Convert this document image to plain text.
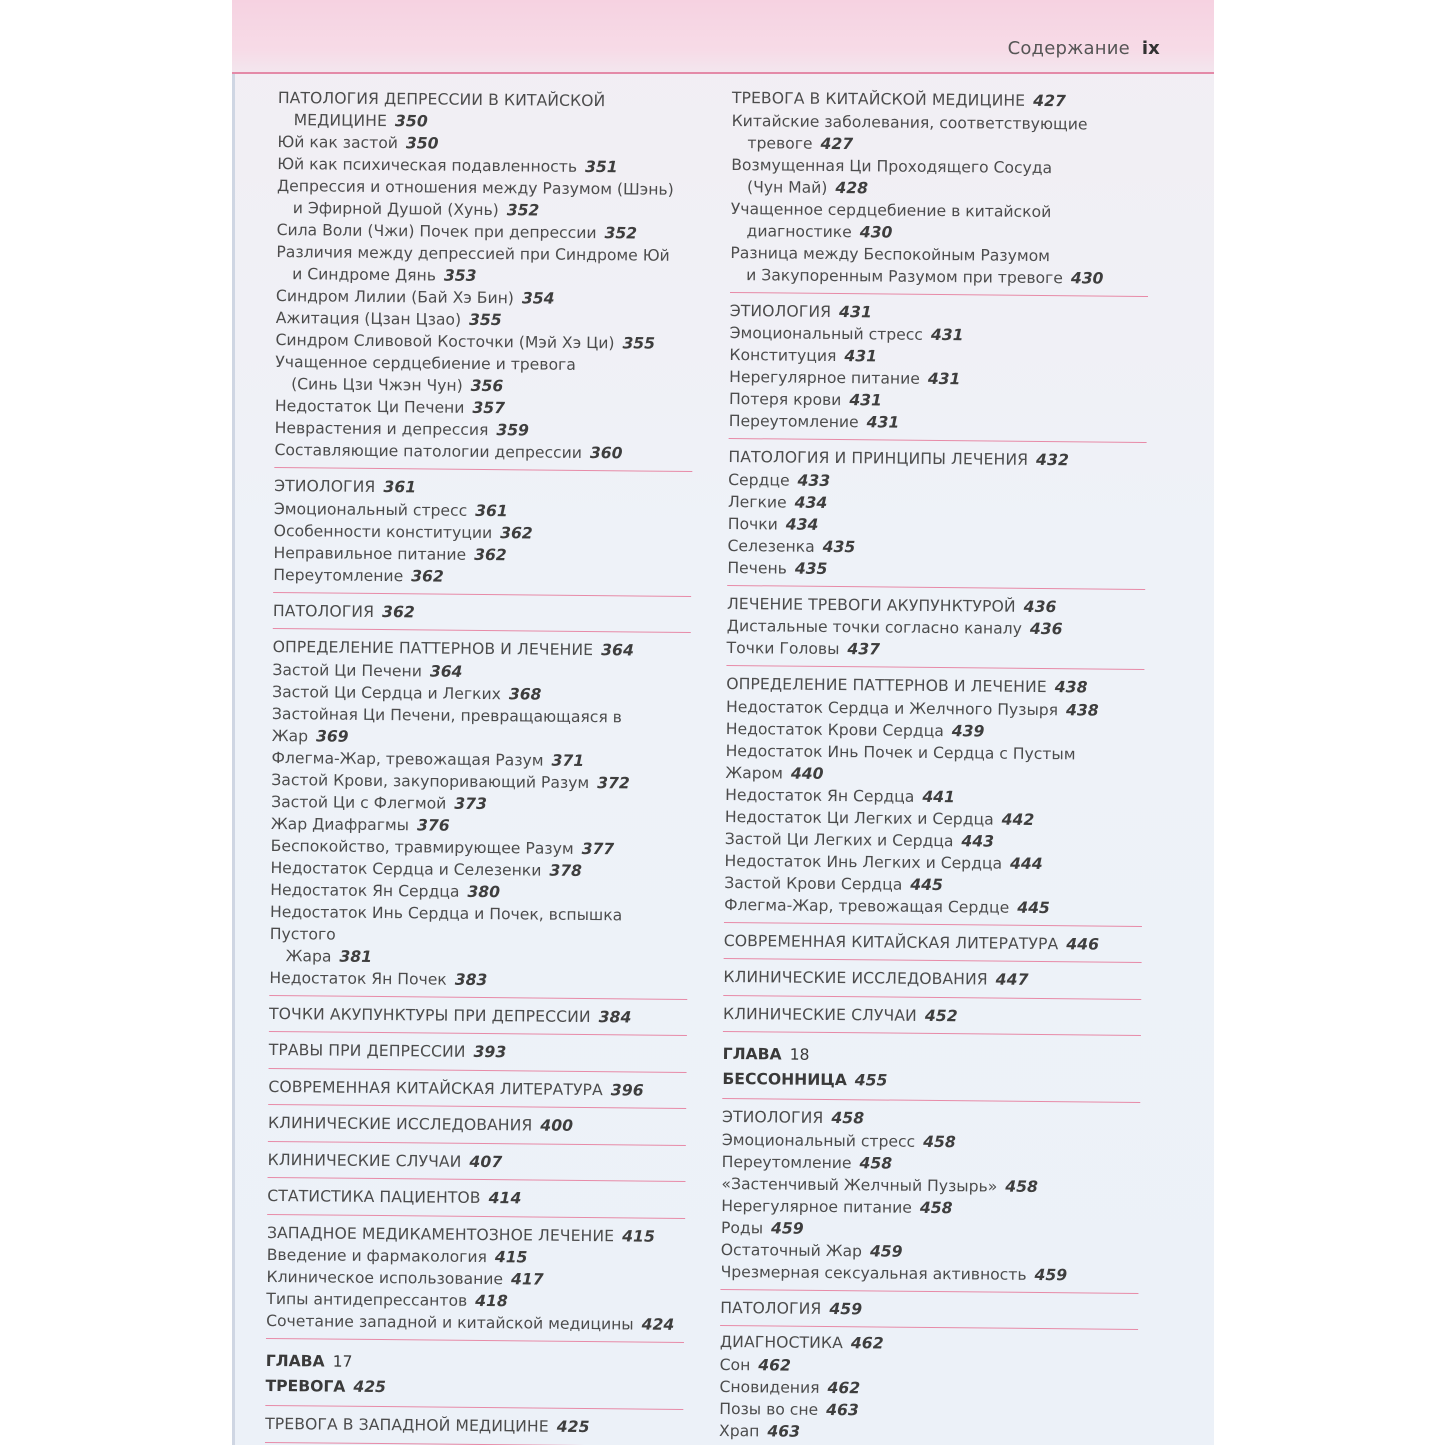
Содержание ix
ПАТОЛОГИЯ ДЕПРЕССИИ В КИТАЙСКОЙ
МЕДИЦИНЕ 350
Юй как застой 350
Юй как психическая подавленность 351
Депрессия и отношения между Разумом (Шэнь)
и Эфирной Душой (Хунь) 352
Сила Воли (Чжи) Почек при депрессии 352
Различия между депрессией при Синдроме Юй
и Синдроме Дянь 353
Синдром Лилии (Бай Хэ Бин) 354
Ажитация (Цзан Цзао) 355
Синдром Сливовой Косточки (Мэй Хэ Ци) 355
Учащенное сердцебиение и тревога
(Синь Цзи Чжэн Чун) 356
Недостаток Ци Печени 357
Неврастения и депрессия 359
Составляющие патологии депрессии 360
ЭТИОЛОГИЯ 361
Эмоциональный стресс 361
Особенности конституции 362
Неправильное питание 362
Переутомление 362
ПАТОЛОГИЯ 362
ОПРЕДЕЛЕНИЕ ПАТТЕРНОВ И ЛЕЧЕНИЕ 364
Застой Ци Печени 364
Застой Ци Сердца и Легких 368
Застойная Ци Печени, превращающаяся в Жар 369
Флегма-Жар, тревожащая Разум 371
Застой Крови, закупоривающий Разум 372
Застой Ци с Флегмой 373
Жар Диафрагмы 376
Беспокойство, травмирующее Разум 377
Недостаток Сердца и Селезенки 378
Недостаток Ян Сердца 380
Недостаток Инь Сердца и Почек, вспышка Пустого
Жара 381
Недостаток Ян Почек 383
ТОЧКИ АКУПУНКТУРЫ ПРИ ДЕПРЕССИИ 384
ТРАВЫ ПРИ ДЕПРЕССИИ 393
СОВРЕМЕННАЯ КИТАЙСКАЯ ЛИТЕРАТУРА 396
КЛИНИЧЕСКИЕ ИССЛЕДОВАНИЯ 400
КЛИНИЧЕСКИЕ СЛУЧАИ 407
СТАТИСТИКА ПАЦИЕНТОВ 414
ЗАПАДНОЕ МЕДИКАМЕНТОЗНОЕ ЛЕЧЕНИЕ 415
Введение и фармакология 415
Клиническое использование 417
Типы антидепрессантов 418
Сочетание западной и китайской медицины 424
ГЛАВА 17
ТРЕВОГА 425
ТРЕВОГА В ЗАПАДНОЙ МЕДИЦИНЕ 425
ТРЕВОГА В КИТАЙСКОЙ МЕДИЦИНЕ 427
Китайские заболевания, соответствующие
тревоге 427
Возмущенная Ци Проходящего Сосуда
(Чун Май) 428
Учащенное сердцебиение в китайской
диагностике 430
Разница между Беспокойным Разумом
и Закупоренным Разумом при тревоге 430
ЭТИОЛОГИЯ 431
Эмоциональный стресс 431
Конституция 431
Нерегулярное питание 431
Потеря крови 431
Переутомление 431
ПАТОЛОГИЯ И ПРИНЦИПЫ ЛЕЧЕНИЯ 432
Сердце 433
Легкие 434
Почки 434
Селезенка 435
Печень 435
ЛЕЧЕНИЕ ТРЕВОГИ АКУПУНКТУРОЙ 436
Дистальные точки согласно каналу 436
Точки Головы 437
ОПРЕДЕЛЕНИЕ ПАТТЕРНОВ И ЛЕЧЕНИЕ 438
Недостаток Сердца и Желчного Пузыря 438
Недостаток Крови Сердца 439
Недостаток Инь Почек и Сердца с Пустым Жаром 440
Недостаток Ян Сердца 441
Недостаток Ци Легких и Сердца 442
Застой Ци Легких и Сердца 443
Недостаток Инь Легких и Сердца 444
Застой Крови Сердца 445
Флегма-Жар, тревожащая Сердце 445
СОВРЕМЕННАЯ КИТАЙСКАЯ ЛИТЕРАТУРА 446
КЛИНИЧЕСКИЕ ИССЛЕДОВАНИЯ 447
КЛИНИЧЕСКИЕ СЛУЧАИ 452
ГЛАВА 18
БЕССОННИЦА 455
ЭТИОЛОГИЯ 458
Эмоциональный стресс 458
Переутомление 458
«Застенчивый Желчный Пузырь» 458
Нерегулярное питание 458
Роды 459
Остаточный Жар 459
Чрезмерная сексуальная активность 459
ПАТОЛОГИЯ 459
ДИАГНОСТИКА 462
Сон 462
Сновидения 462
Позы во сне 463
Храп 463
